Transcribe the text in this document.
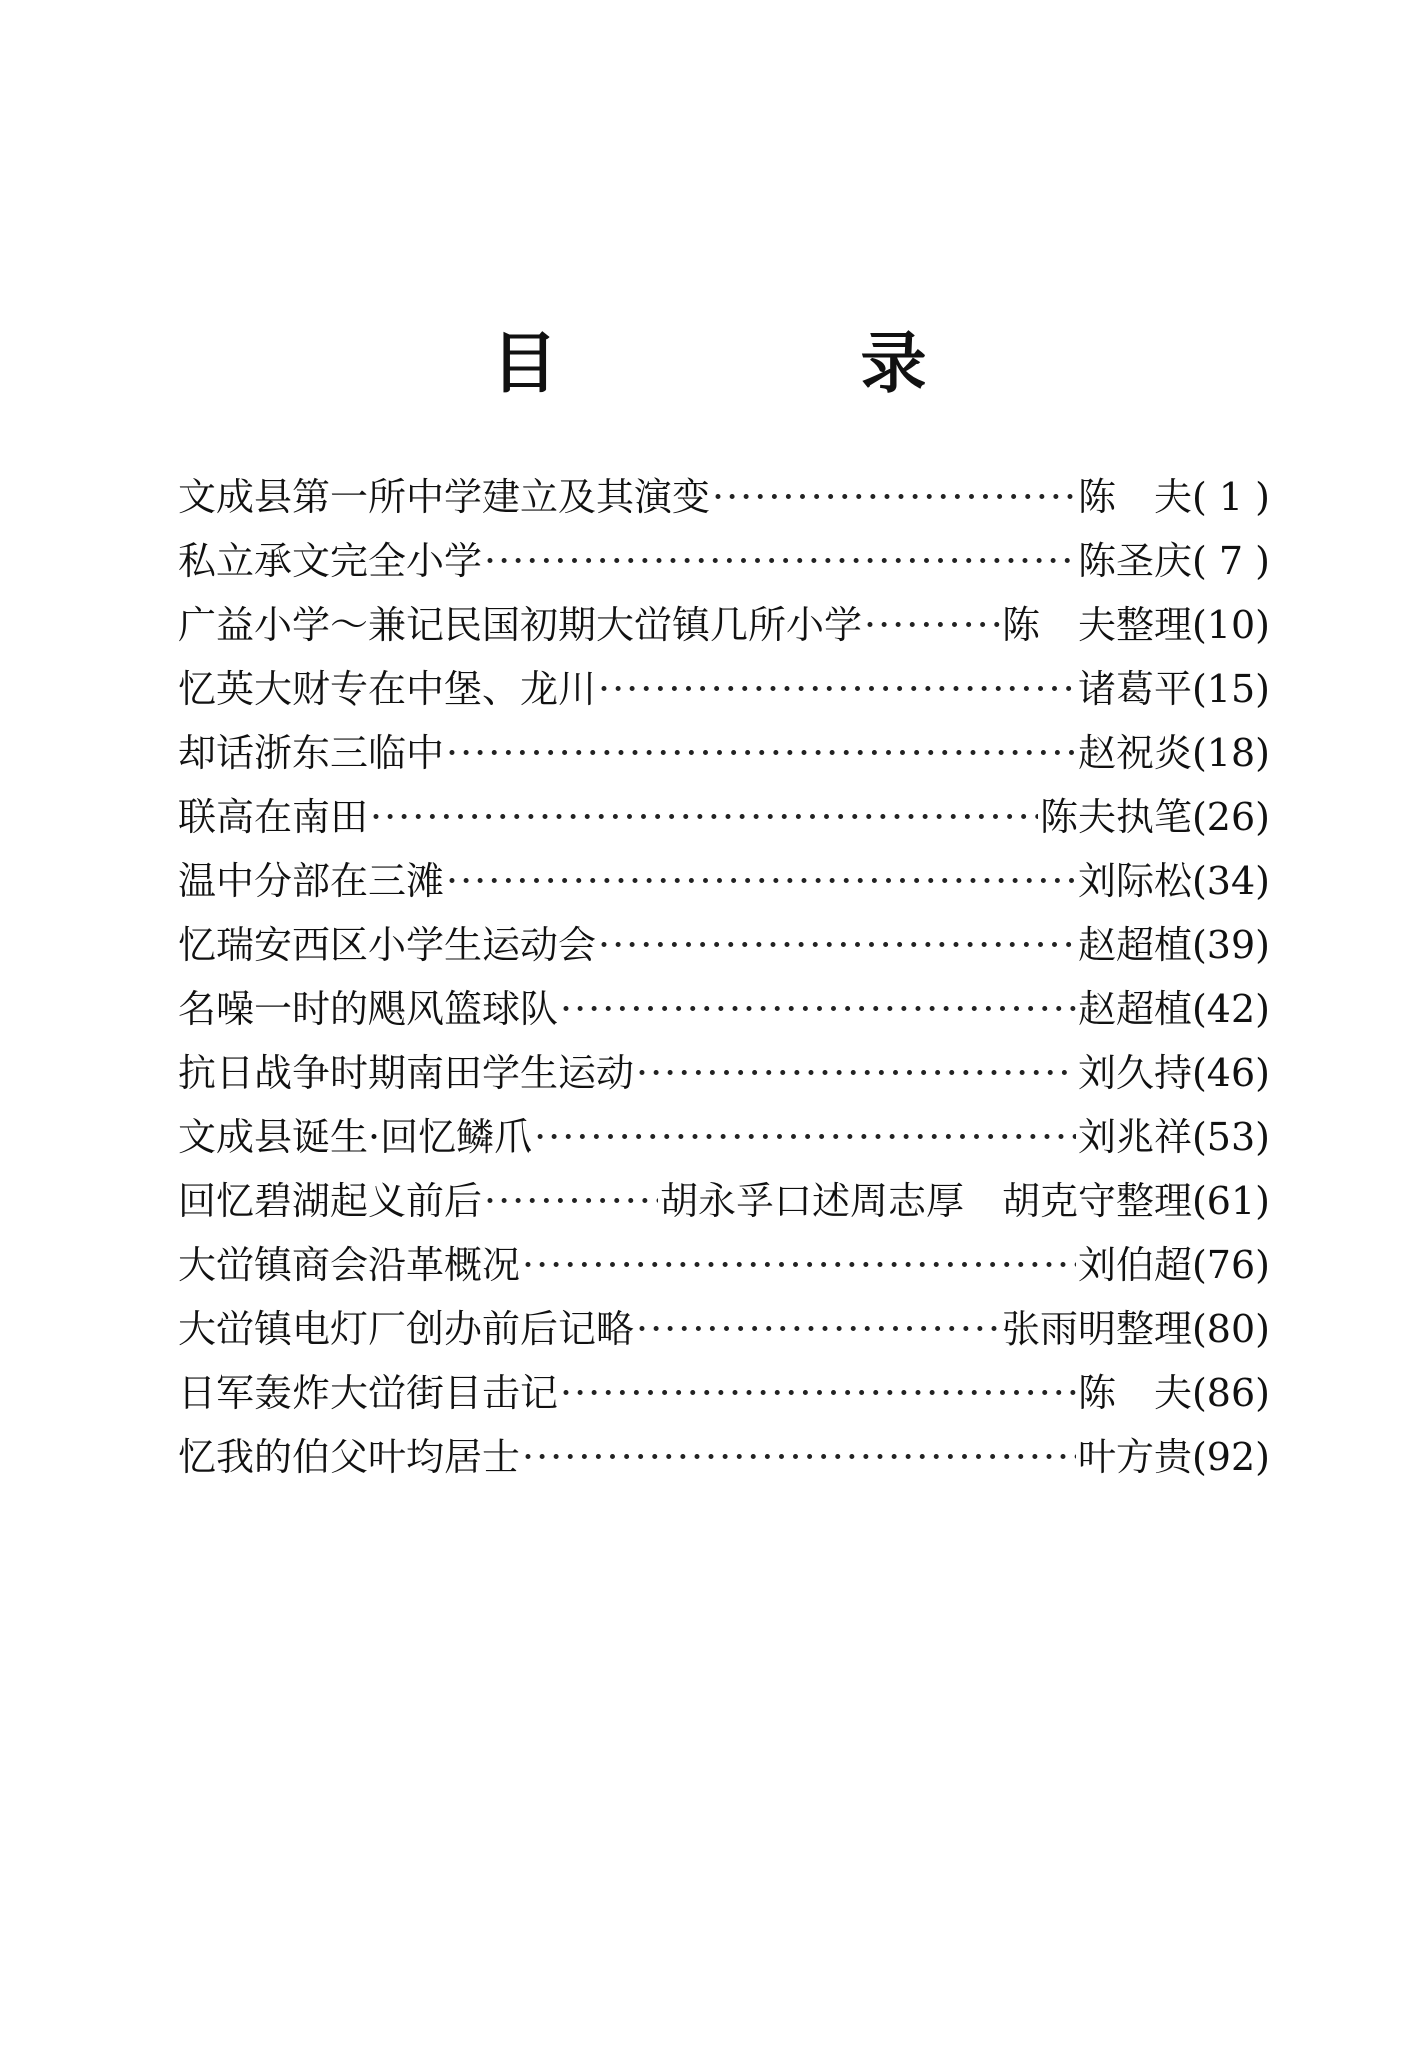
目 录
文成县第一所中学建立及其演变 ·····	陈　夫 ( 1 )
私立承文完全小学 ·····	陈圣庆 ( 7 )
广益小学～兼记民国初期大峃镇几所小学 ·····	陈　夫整理 (10)
忆英大财专在中堡、龙川 ·····	诸葛平 (15)
却话浙东三临中 ·····	赵祝炎 (18)
联高在南田 ·····	陈夫执笔 (26)
温中分部在三滩 ·····	刘际松 (34)
忆瑞安西区小学生运动会 ·····	赵超植 (39)
名噪一时的飓风篮球队 ·····	赵超植 (42)
抗日战争时期南田学生运动 ·····	刘久持 (46)
文成县诞生·回忆鳞爪 ·····	刘兆祥 (53)
回忆碧湖起义前后 ·····	胡永孚口述周志厚　胡克守整理 (61)
大峃镇商会沿革概况 ·····	刘伯超 (76)
大峃镇电灯厂创办前后记略 ·····	张雨明整理 (80)
日军轰炸大峃街目击记 ·····	陈　夫 (86)
忆我的伯父叶均居士 ·····	叶方贵 (92)
